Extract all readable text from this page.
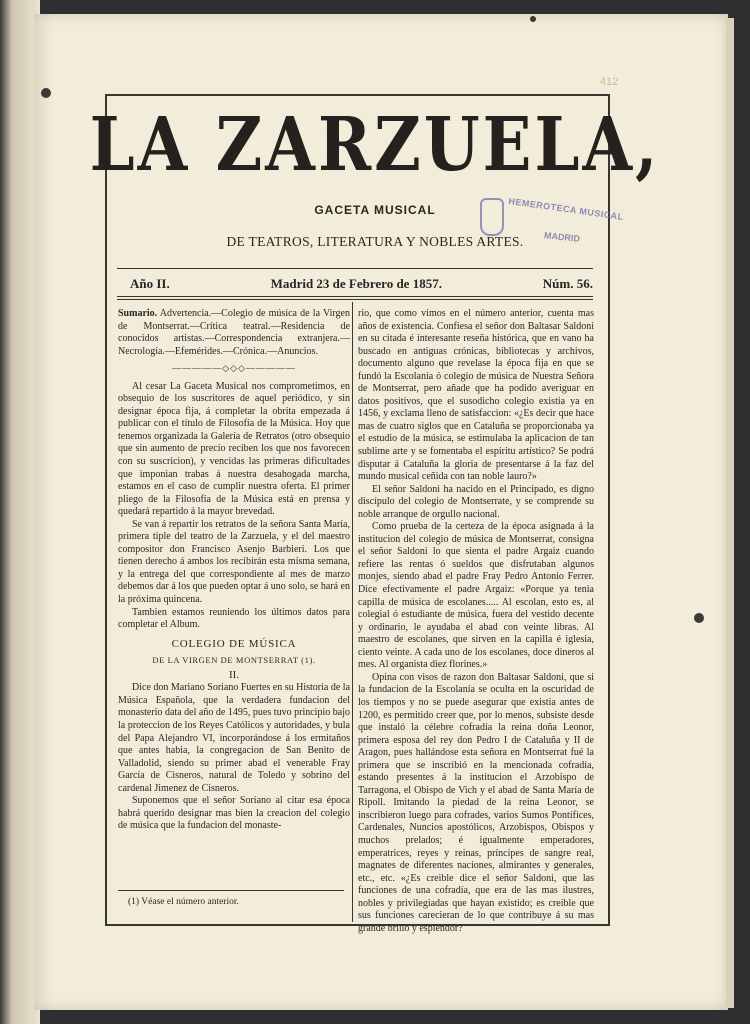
412
LA ZARZUELA,
GACETA MUSICAL
DE TEATROS, LITERATURA Y NOBLES ARTES.
HEMEROTECA MUSICAL
MADRID
Año II.	Madrid 23 de Febrero de 1857.	Núm. 56.

Sumario. Advertencia.—Colegio de música de la Virgen de Montserrat.—Crítica teatral.—Residencia de conocidos artistas.—Correspondencia extranjera.—Necrología.—Efemérides.—Crónica.—Anuncios.

—————◇◇◇—————

Al cesar La Gaceta Musical nos comprometimos, en obsequio de los suscritores de aquel periódico, y sin designar época fija, á completar la obrita empezada á publicar con el título de Filosofía de la Música. Hoy que tenemos organizada la Galería de Retratos (otro obsequio que sin aumento de precio reciben los que nos favorecen con su suscricion), y vencidas las primeras dificultades que imponian trabas á nuestra desahogada marcha, estamos en el caso de cumplir nuestra oferta. El primer pliego de la Filosofía de la Música está en prensa y quedará repartido á la mayor brevedad.

Se van á repartir los retratos de la señora Santa María, primera tiple del teatro de la Zarzuela, y el del maestro compositor don Francisco Asenjo Barbieri. Los que tienen derecho á ambos los recibirán esta misma semana, y la entrega del que correspondiente al mes de marzo debemos dar á los que pueden optar á uno solo, se hará en la próxima quincena.

Tambien estamos reuniendo los últimos datos para completar el Album.

COLEGIO DE MÚSICA
DE LA VIRGEN DE MONTSERRAT (1).
II.

Dice don Mariano Soriano Fuertes en su Historia de la Música Española, que la verdadera fundacion del monasterio data del año de 1495, pues tuvo principio bajo la proteccion de los Reyes Católicos y autoridades, y bula del Papa Alejandro VI, incorporándose á los ermitaños que antes habia, la congregacion de San Benito de Valladolid, siendo su primer abad el venerable Fray García de Cisneros, natural de Toledo y sobrino del cardenal Jimenez de Cisneros.

Suponemos que el señor Soriano al citar esa época habrá querido designar mas bien la creacion del colegio de música que la fundacion del monaste-

(1) Véase el número anterior.

rio, que como vimos en el número anterior, cuenta mas años de existencia. Confiesa el señor don Baltasar Saldoni en su citada é interesante reseña histórica, que en vano ha buscado en antiguas crónicas, bibliotecas y archivos, documento alguno que revelase la época fija en que se fundó la Escolanía ó colegio de música de Nuestra Señora de Montserrat, pero añade que ha podido averiguar en datos positivos, que el susodicho colegio existia ya en 1456, y exclama lleno de satisfaccion: «¿Es decir que hace mas de cuatro siglos que en Cataluña se proporcionaba ya el estudio de la música, se estimulaba la aplicacion de tan sublime arte y se fomentaba el espíritu artístico? Se podrá disputar á Cataluña la gloria de presentarse á la faz del mundo musical ceñida con tan noble lauro?»

El señor Saldoni ha nacido en el Principado, es digno discípulo del colegio de Montserrate, y se comprende su noble arranque de orgullo nacional.

Como prueba de la certeza de la época asignada á la institucion del colegio de música de Montserrat, consigna el señor Saldoni lo que sienta el padre Argaiz cuando refiere las rentas ó sueldos que disfrutaban algunos monjes, siendo abad el padre Fray Pedro Antonio Ferrer. Dice efectivamente el padre Argaiz: «Porque ya tenia capilla de música de escolanes..... Al escolan, esto es, al colegial ó estudiante de música, fuera del vestido decente y ordinario, le ayudaba el abad con veinte libras. Al maestro de escolanes, que sirven en la capilla é iglesia, ciento veinte. A cada uno de los escolanes, doce dineros al mes. Al organista diez florines.»

Opina con visos de razon don Baltasar Saldoni, que si la fundacion de la Escolanía se oculta en la oscuridad de los tiempos y no se puede asegurar que existia antes de 1200, es permitido creer que, por lo menos, subsiste desde que instaló la célebre cofradía la reina doña Leonor, primera esposa del rey don Pedro I de Cataluña y II de Aragon, pues hallándose esta señora en Montserrat fué la primera que se inscribió en la mencionada cofradía, estando presentes á la institucion el Arzobispo de Tarragona, el Obispo de Vich y el abad de Santa María de Ripoll. Imitando la piedad de la reina Leonor, se inscribieron luego para cofrades, varios Sumos Pontífices, Cardenales, Nuncios apostólicos, Arzobispos, Obispos y muchos prelados; é igualmente emperadores, emperatrices, reyes y reinas, príncipes de sangre real, magnates de diferentes naciones, almirantes y generales, etc., etc. «¿Es creible dice el señor Saldoni, que las funciones de una cofradía, que era de las mas ilustres, nobles y privilegiadas que hayan existido; es creible que sus funciones carecieran de lo que contribuye á su mas grande brillo y esplendor?
